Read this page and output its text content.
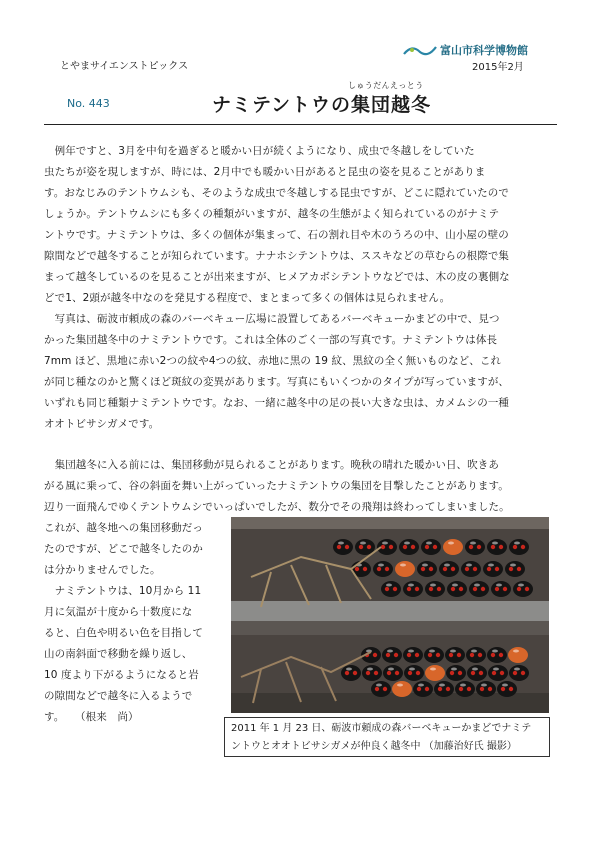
とやまサイエンストピックス
富山市科学博物館
2015年2月
No. 443
しゅうだんえっとう
ナミテントウの集団越冬
　例年ですと、3月を中旬を過ぎると暖かい日が続くようになり、成虫で冬越しをしていた
虫たちが姿を現しますが、時には、2月中でも暖かい日があると昆虫の姿を見ることがありま
す。おなじみのテントウムシも、そのような成虫で冬越しする昆虫ですが、どこに隠れていたので
しょうか。テントウムシにも多くの種類がいますが、越冬の生態がよく知られているのがナミテ
ントウです。ナミテントウは、多くの個体が集まって、石の割れ目や木のうろの中、山小屋の壁の
隙間などで越冬することが知られています。ナナホシテントウは、ススキなどの草むらの根際で集
まって越冬しているのを見ることが出来ますが、ヒメアカボシテントウなどでは、木の皮の裏側な
どで1、2頭が越冬中なのを発見する程度で、まとまって多くの個体は見られません。
　写真は、砺波市頼成の森のバーベキュー広場に設置してあるバーベキューかまどの中で、見つ
かった集団越冬中のナミテントウです。これは全体のごく一部の写真です。ナミテントウは体長
7mm ほど、黒地に赤い2つの紋や4つの紋、赤地に黒の 19 紋、黒紋の全く無いものなど、これ
が同じ種なのかと驚くほど斑紋の変異があります。写真にもいくつかのタイプが写っていますが、
いずれも同じ種類ナミテントウです。なお、一緒に越冬中の足の長い大きな虫は、カメムシの一種
オオトビサシガメです。
　集団越冬に入る前には、集団移動が見られることがあります。晩秋の晴れた暖かい日、吹きあ
がる風に乗って、谷の斜面を舞い上がっていったナミテントウの集団を目撃したことがあります。
辺り一面飛んでゆくテントウムシでいっぱいでしたが、数分でその飛翔は終わってしまいました。
これが、越冬地への集団移動だっ
たのですが、どこで越冬したのか
は分かりませんでした。
　ナミテントウは、10月から 11
月に気温が十度から十数度にな
ると、白色や明るい色を目指して
山の南斜面で移動を繰り返し、
10 度より下がるようになると岩
の隙間などで越冬に入るようで
す。　　（根来　尚）
2011 年 1 月 23 日、砺波市頼成の森バーベキューかまどでナミテ
ントウとオオトビサシガメが仲良く越冬中 （加藤治好氏 撮影）
